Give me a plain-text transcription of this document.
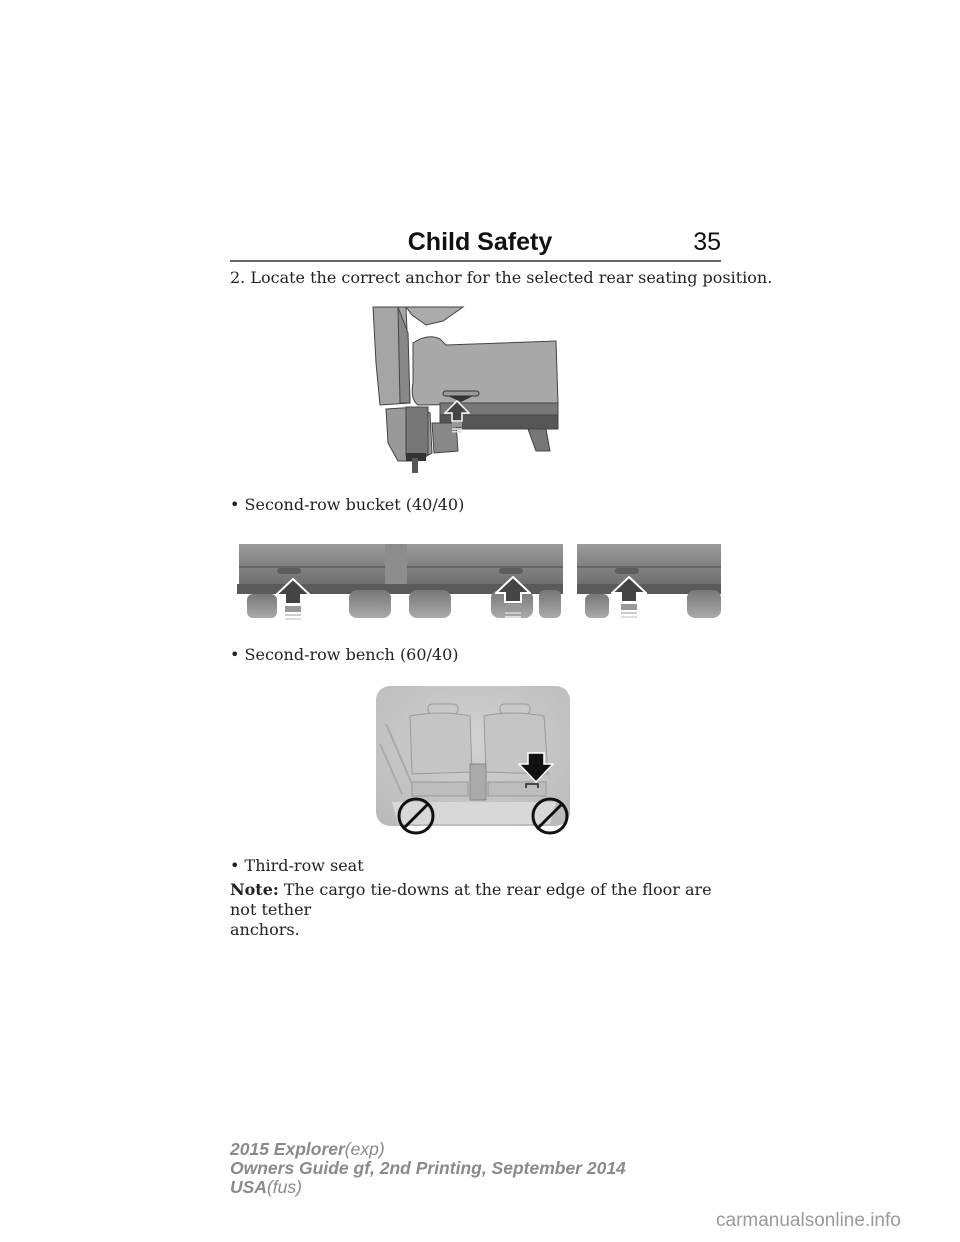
Child Safety	35
2. Locate the correct anchor for the selected rear seating position.
• Second-row bucket (40/40)
• Second-row bench (60/40)
• Third-row seat
Note: The cargo tie-downs at the rear edge of the floor are not tether
anchors.
2015 Explorer(exp)
Owners Guide gf, 2nd Printing, September 2014
USA(fus)
carmanualsonline.info
